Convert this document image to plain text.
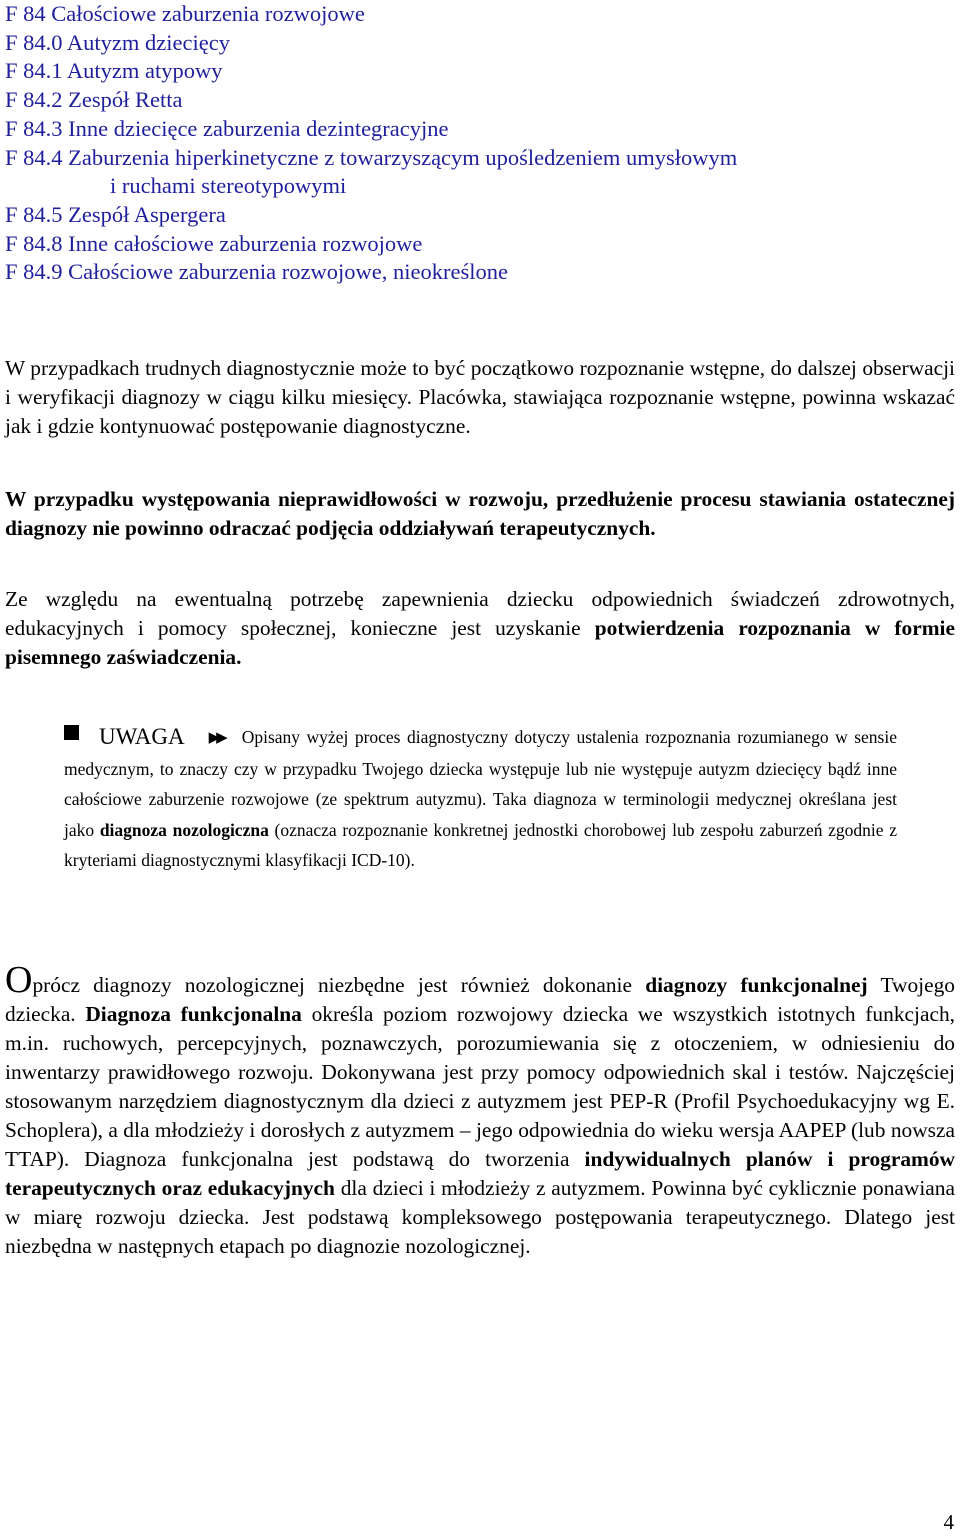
F 84 Całościowe zaburzenia rozwojowe
F 84.0 Autyzm dziecięcy
F 84.1 Autyzm atypowy
F 84.2 Zespół Retta
F 84.3 Inne dziecięce zaburzenia dezintegracyjne
F 84.4 Zaburzenia hiperkinetyczne z towarzyszącym upośledzeniem umysłowym
i ruchami stereotypowymi
F 84.5 Zespół Aspergera
F 84.8 Inne całościowe zaburzenia rozwojowe
F 84.9 Całościowe zaburzenia rozwojowe, nieokreślone
W przypadkach trudnych diagnostycznie może to być początkowo rozpoznanie wstępne, do dalszej obserwacji i weryfikacji diagnozy w ciągu kilku miesięcy. Placówka, stawiająca rozpoznanie wstępne, powinna wskazać jak i gdzie kontynuować postępowanie diagnostyczne.
W przypadku występowania nieprawidłowości w rozwoju, przedłużenie procesu stawiania ostatecznej diagnozy nie powinno odraczać podjęcia oddziaływań terapeutycznych.
Ze względu na ewentualną potrzebę zapewnienia dziecku odpowiednich świadczeń zdrowotnych, edukacyjnych i pomocy społecznej, konieczne jest uzyskanie potwierdzenia rozpoznania w formie pisemnego zaświadczenia.
UWAGA ▶▶ Opisany wyżej proces diagnostyczny dotyczy ustalenia rozpoznania rozumianego w sensie medycznym, to znaczy czy w przypadku Twojego dziecka występuje lub nie występuje autyzm dziecięcy bądź inne całościowe zaburzenie rozwojowe (ze spektrum autyzmu). Taka diagnoza w terminologii medycznej określana jest jako diagnoza nozologiczna (oznacza rozpoznanie konkretnej jednostki chorobowej lub zespołu zaburzeń zgodnie z kryteriami diagnostycznymi klasyfikacji ICD-10).
Oprócz diagnozy nozologicznej niezbędne jest również dokonanie diagnozy funkcjonalnej Twojego dziecka. Diagnoza funkcjonalna określa poziom rozwojowy dziecka we wszystkich istotnych funkcjach, m.in. ruchowych, percepcyjnych, poznawczych, porozumiewania się z otoczeniem, w odniesieniu do inwentarzy prawidłowego rozwoju. Dokonywana jest przy pomocy odpowiednich skal i testów. Najczęściej stosowanym narzędziem diagnostycznym dla dzieci z autyzmem jest PEP-R (Profil Psychoedukacyjny wg E. Schoplera), a dla młodzieży i dorosłych z autyzmem – jego odpowiednia do wieku wersja AAPEP (lub nowsza TTAP). Diagnoza funkcjonalna jest podstawą do tworzenia indywidualnych planów i programów terapeutycznych oraz edukacyjnych dla dzieci i młodzieży z autyzmem. Powinna być cyklicznie ponawiana w miarę rozwoju dziecka. Jest podstawą kompleksowego postępowania terapeutycznego. Dlatego jest niezbędna w następnych etapach po diagnozie nozologicznej.
4
